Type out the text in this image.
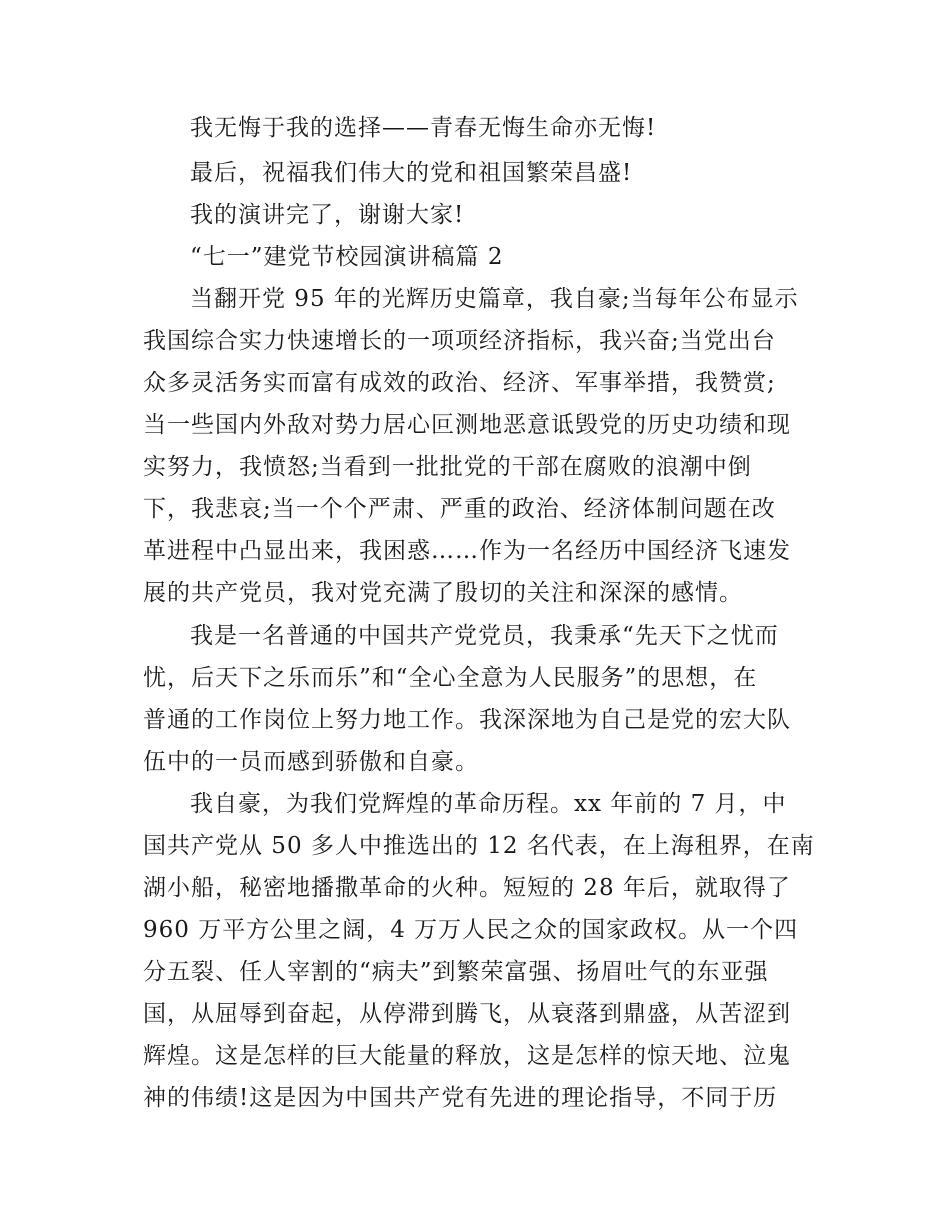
我无悔于我的选择——青春无悔生命亦无悔!

最后，祝福我们伟大的党和祖国繁荣昌盛!

我的演讲完了，谢谢大家!

“七一”建党节校园演讲稿篇 2

当翻开党 95 年的光辉历史篇章，我自豪;当每年公布显示

我国综合实力快速增长的一项项经济指标，我兴奋;当党出台

众多灵活务实而富有成效的政治、经济、军事举措，我赞赏;

当一些国内外敌对势力居心叵测地恶意诋毁党的历史功绩和现

实努力，我愤怒;当看到一批批党的干部在腐败的浪潮中倒

下，我悲哀;当一个个严肃、严重的政治、经济体制问题在改

革进程中凸显出来，我困惑……作为一名经历中国经济飞速发

展的共产党员，我对党充满了殷切的关注和深深的感情。

我是一名普通的中国共产党党员，我秉承“先天下之忧而

忧，后天下之乐而乐”和“全心全意为人民服务”的思想，在

普通的工作岗位上努力地工作。我深深地为自己是党的宏大队

伍中的一员而感到骄傲和自豪。

我自豪，为我们党辉煌的革命历程。xx 年前的 7 月，中

国共产党从 50 多人中推选出的 12 名代表，在上海租界，在南

湖小船，秘密地播撒革命的火种。短短的 28 年后，就取得了

960 万平方公里之阔，4 万万人民之众的国家政权。从一个四

分五裂、任人宰割的“病夫”到繁荣富强、扬眉吐气的东亚强

国，从屈辱到奋起，从停滞到腾飞，从衰落到鼎盛，从苦涩到

辉煌。这是怎样的巨大能量的释放，这是怎样的惊天地、泣鬼

神的伟绩!这是因为中国共产党有先进的理论指导，不同于历
